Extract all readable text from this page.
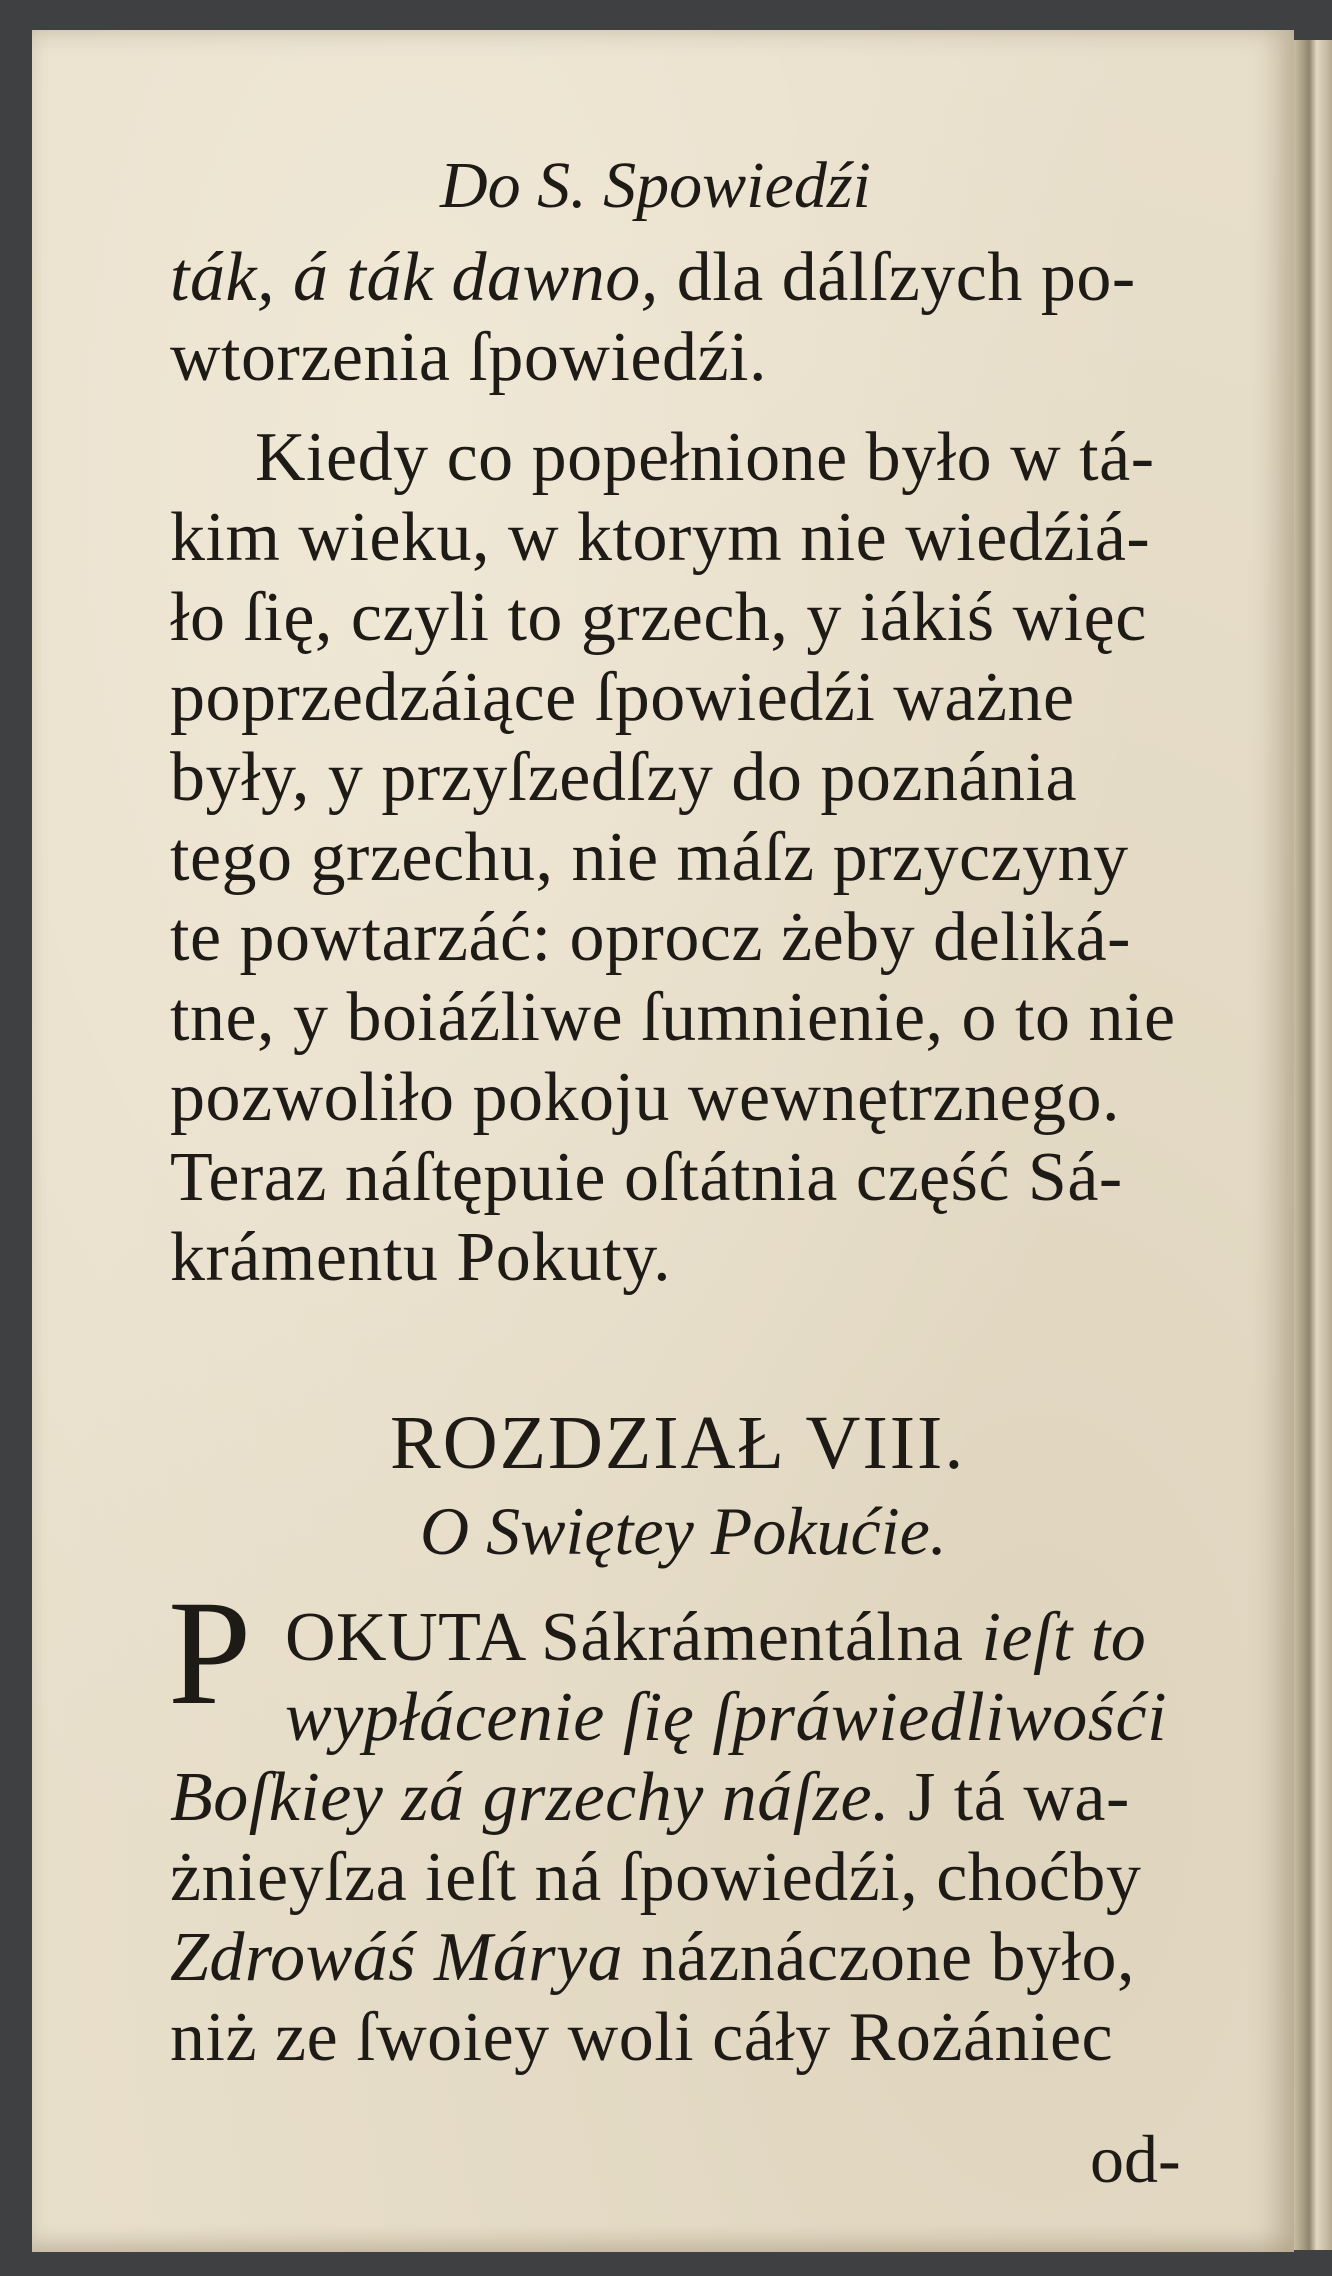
Do S. Spowiedźi
ták, á ták dawno, dla dálſzych po-
wtorzenia ſpowiedźi.
Kiedy co popełnione było w tá-
kim wieku, w ktorym nie wiedźiá-
ło ſię, czyli to grzech, y iákiś więc
poprzedzáiące ſpowiedźi ważne
były, y przyſzedſzy do poznánia
tego grzechu, nie máſz przyczyny
te powtarzáć: oprocz żeby deliká-
tne, y boiáźliwe ſumnienie, o to nie
pozwoliło pokoju wewnętrznego.
Teraz náſtępuie oſtátnia część Sá-
krámentu Pokuty.
ROZDZIAŁ VIII.
O Swiętey Pokućie.
P OKUTA Sákrámentálna ieſt to
wypłácenie ſię ſpráwiedliwośći
Boſkiey zá grzechy náſze. J tá wa-
żnieyſza ieſt ná ſpowiedźi, choćby
Zdrowáś Márya náznáczone było,
niż ze ſwoiey woli cáły Rożániec
od-
